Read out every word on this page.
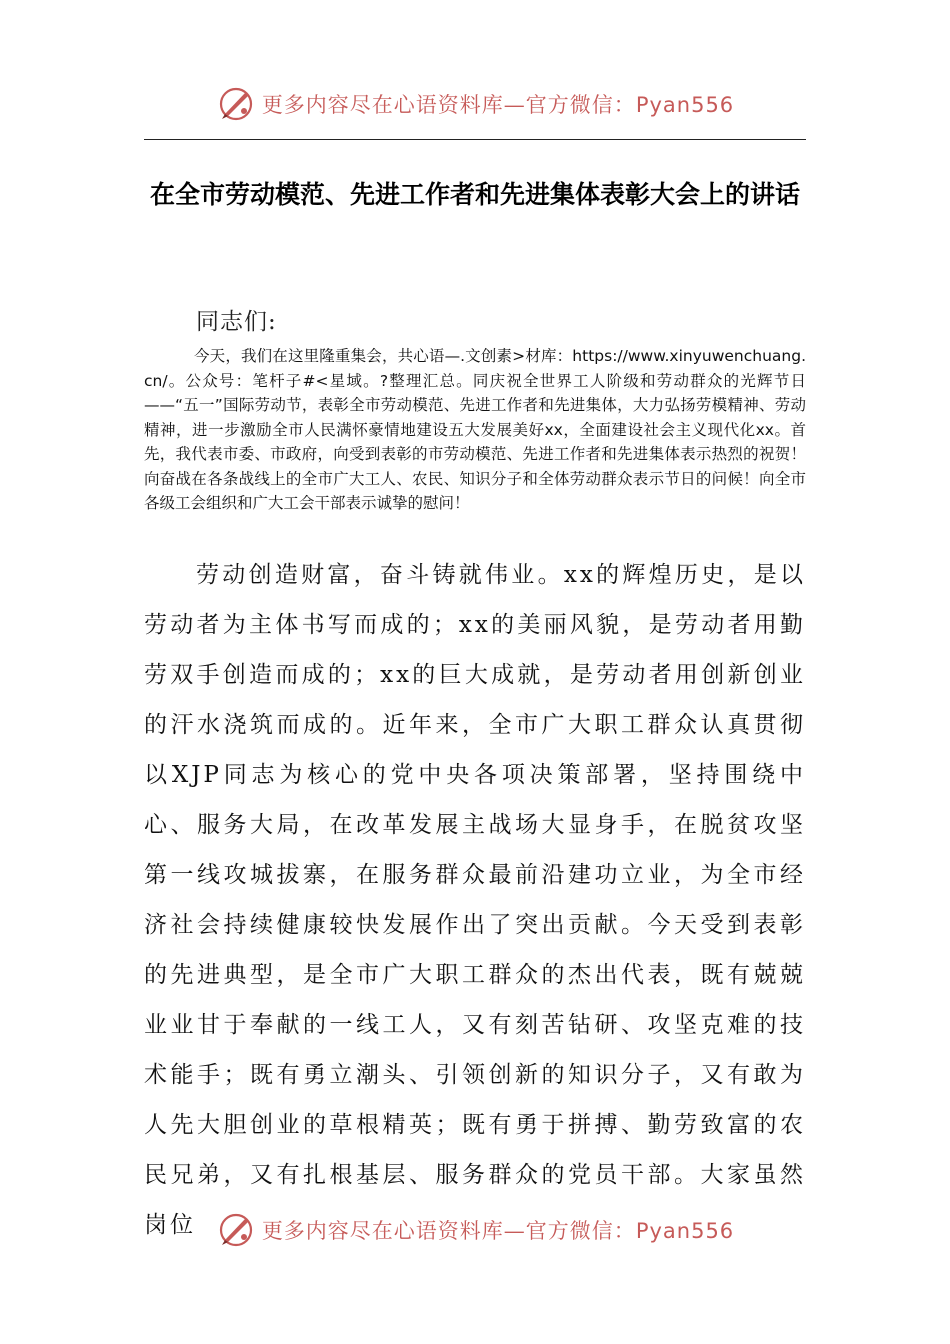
更多内容尽在心语资料库—官方微信：Pyan556
在全市劳动模范、先进工作者和先进集体表彰大会上的讲话
同志们:
今天，我们在这里隆重集会，共心语—.文创素>材库：https://www.xinyuwenchuang.cn/。公众号：笔杆子#<星域。?整理汇总。同庆祝全世界工人阶级和劳动群众的光辉节日——“五一”国际劳动节，表彰全市劳动模范、先进工作者和先进集体，大力弘扬劳模精神、劳动精神，进一步激励全市人民满怀豪情地建设五大发展美好xx，全面建设社会主义现代化xx。首先，我代表市委、市政府，向受到表彰的市劳动模范、先进工作者和先进集体表示热烈的祝贺！向奋战在各条战线上的全市广大工人、农民、知识分子和全体劳动群众表示节日的问候！向全市各级工会组织和广大工会干部表示诚挚的慰问！
劳动创造财富，奋斗铸就伟业。xx的辉煌历史，是以劳动者为主体书写而成的；xx的美丽风貌，是劳动者用勤劳双手创造而成的；xx的巨大成就，是劳动者用创新创业的汗水浇筑而成的。近年来，全市广大职工群众认真贯彻以XJP同志为核心的党中央各项决策部署，坚持围绕中心、服务大局，在改革发展主战场大显身手，在脱贫攻坚第一线攻城拔寨，在服务群众最前沿建功立业，为全市经济社会持续健康较快发展作出了突出贡献。今天受到表彰的先进典型，是全市广大职工群众的杰出代表，既有兢兢业业甘于奉献的一线工人，又有刻苦钻研、攻坚克难的技术能手；既有勇立潮头、引领创新的知识分子，又有敢为人先大胆创业的草根精英；既有勇于拼搏、勤劳致富的农民兄弟，又有扎根基层、服务群众的党员干部。大家虽然岗位	更多内容尽在心语资料库—官方微信：Pyan556
